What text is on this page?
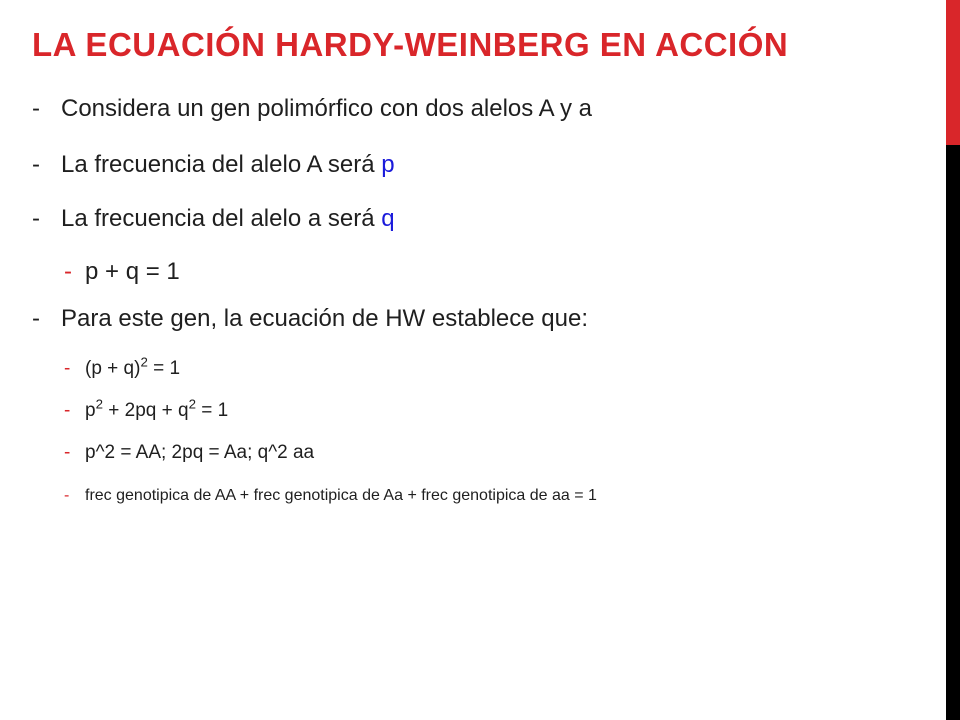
LA ECUACIÓN HARDY-WEINBERG EN ACCIÓN
- Considera un gen polimórfico con dos alelos A y a
- La frecuencia del alelo A será p
- La frecuencia del alelo a será q
- p + q = 1
- Para este gen, la ecuación de HW establece que:
- $(p + q)^2 = 1$
- $p^2 + 2pq + q^2 = 1$
- p^2 = AA; 2pq = Aa; q^2 aa
- frec genotipica de AA + frec genotipica de Aa + frec genotipica de aa = 1
